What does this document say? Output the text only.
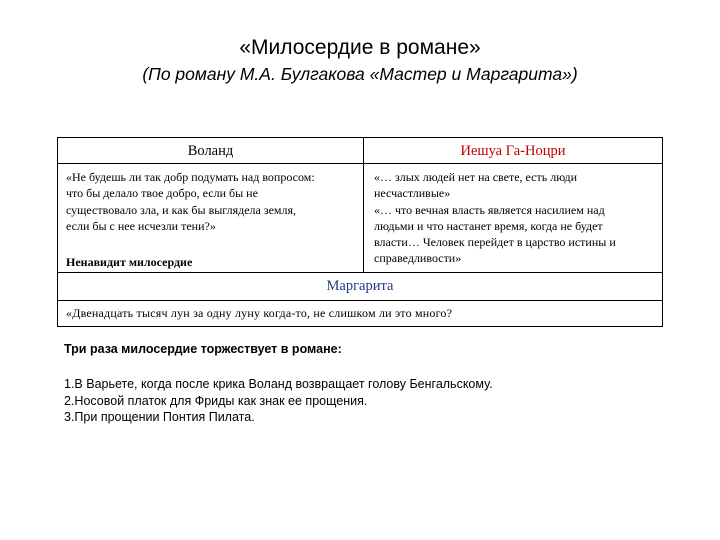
«Милосердие в романе»
(По роману М.А. Булгакова «Мастер и Маргарита»)
Воланд	Иешуа Га-Ноцри
«Не будешь ли так добр подумать над вопросом:
что бы делало твое добро, если бы не
существовало зла, и как бы выглядела земля,
если бы с нее исчезли тени?»
Ненавидит милосердие
«… злых людей нет на свете, есть люди
несчастливые»
«… что вечная власть является насилием над
людьми и что настанет время, когда не будет
власти… Человек перейдет в царство истины и
справедливости»
Маргарита
«Двенадцать тысяч лун за одну луну когда-то, не слишком ли это много?
Три раза милосердие торжествует в романе:
1.В Варьете, когда после крика Воланд возвращает голову Бенгальскому.
2.Носовой платок для Фриды как знак ее прощения.
3.При прощении Понтия Пилата.
